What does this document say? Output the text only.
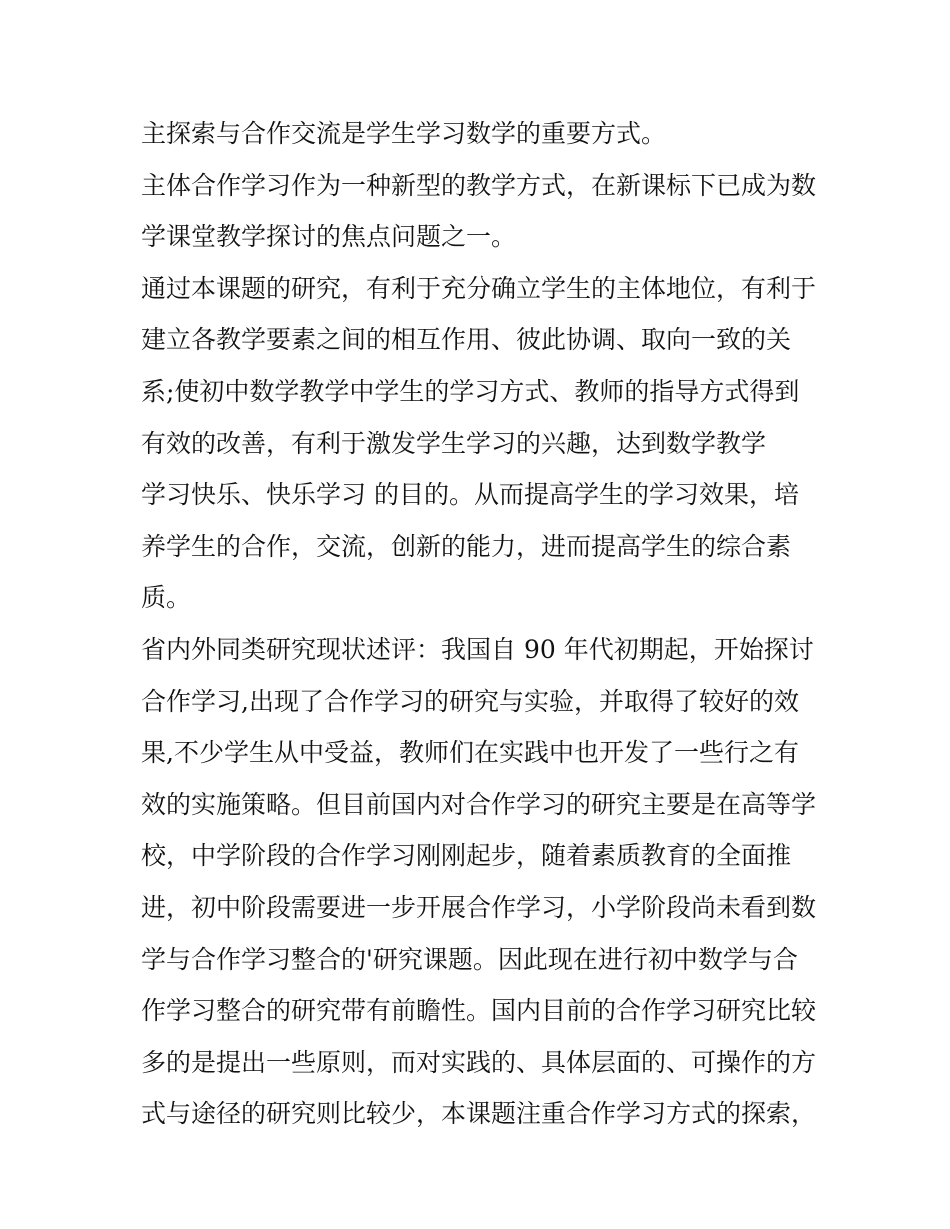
主探索与合作交流是学生学习数学的重要方式。
主体合作学习作为一种新型的教学方式，在新课标下已成为数
学课堂教学探讨的焦点问题之一。
通过本课题的研究，有利于充分确立学生的主体地位，有利于
建立各教学要素之间的相互作用、彼此协调、取向一致的关
系;使初中数学教学中学生的学习方式、教师的指导方式得到
有效的改善，有利于激发学生学习的兴趣，达到数学教学
学习快乐、快乐学习 的目的。从而提高学生的学习效果，培
养学生的合作，交流，创新的能力，进而提高学生的综合素
质。
省内外同类研究现状述评：我国自 90 年代初期起，开始探讨
合作学习,出现了合作学习的研究与实验，并取得了较好的效
果,不少学生从中受益，教师们在实践中也开发了一些行之有
效的实施策略。但目前国内对合作学习的研究主要是在高等学
校，中学阶段的合作学习刚刚起步，随着素质教育的全面推
进，初中阶段需要进一步开展合作学习，小学阶段尚未看到数
学与合作学习整合的'研究课题。因此现在进行初中数学与合
作学习整合的研究带有前瞻性。国内目前的合作学习研究比较
多的是提出一些原则，而对实践的、具体层面的、可操作的方
式与途径的研究则比较少，本课题注重合作学习方式的探索，
